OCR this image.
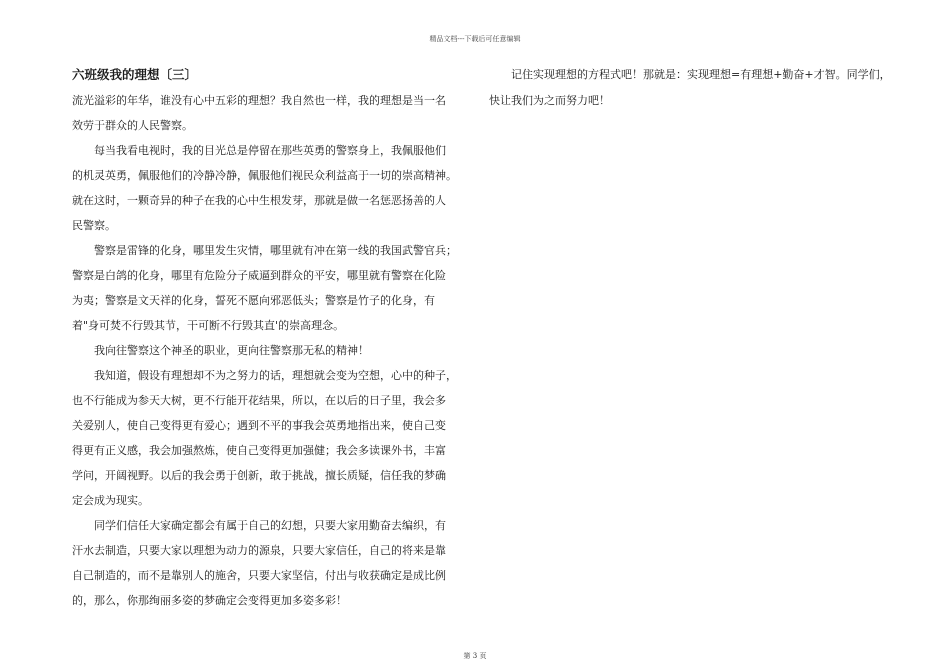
精品文档---下载后可任意编辑
六班级我的理想〔三〕
流光溢彩的年华，谁没有心中五彩的理想？我自然也一样，我的理想是当一名
效劳于群众的人民警察。
每当我看电视时，我的目光总是停留在那些英勇的警察身上，我佩服他们
的机灵英勇，佩服他们的冷静冷静，佩服他们视民众利益高于一切的崇高精神。
就在这时，一颗奇异的种子在我的心中生根发芽，那就是做一名惩恶扬善的人
民警察。
警察是雷锋的化身，哪里发生灾情，哪里就有冲在第一线的我国武警官兵；
警察是白鸽的化身，哪里有危险分子威逼到群众的平安，哪里就有警察在化险
为夷；警察是文天祥的化身，誓死不愿向邪恶低头；警察是竹子的化身，有
着"身可焚不行毁其节，干可断不行毁其直'的崇高理念。
我向往警察这个神圣的职业，更向往警察那无私的精神！
我知道，假设有理想却不为之努力的话，理想就会变为空想，心中的种子，
也不行能成为参天大树，更不行能开花结果，所以，在以后的日子里，我会多
关爱别人，使自己变得更有爱心；遇到不平的事我会英勇地指出来，使自己变
得更有正义感，我会加强熬炼，使自己变得更加强健；我会多读课外书，丰富
学问，开阔视野。以后的我会勇于创新，敢于挑战，擅长质疑，信任我的梦确
定会成为现实。
同学们信任大家确定都会有属于自己的幻想，只要大家用勤奋去编织，有
汗水去制造，只要大家以理想为动力的源泉，只要大家信任，自己的将来是靠
自己制造的，而不是靠别人的施舍，只要大家坚信，付出与收获确定是成比例
的，那么，你那绚丽多姿的梦确定会变得更加多姿多彩！
记住实现理想的方程式吧！那就是：实现理想=有理想+勤奋+才智。同学们，
快让我们为之而努力吧！
第 3 页
